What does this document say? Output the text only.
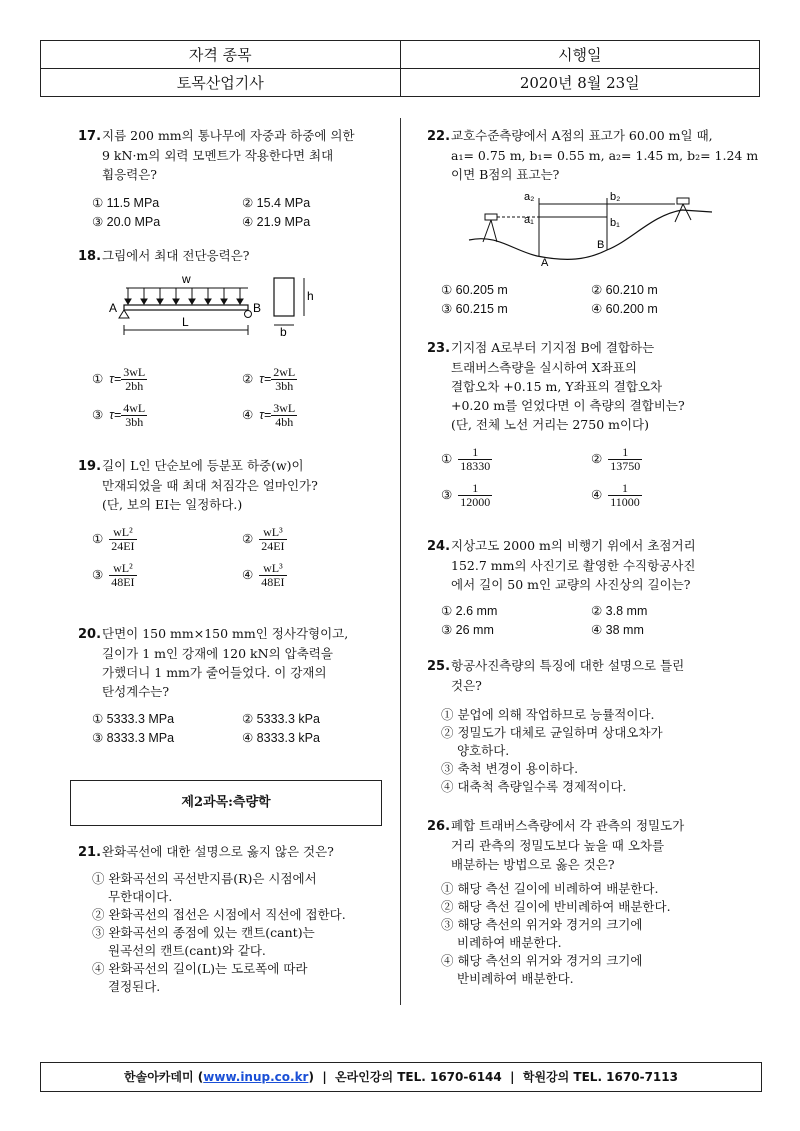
자격 종목	시행일
토목산업기사	2020년 8월 23일
17.지름 200 mm의 통나무에 자중과 하중에 의한
9 kN·m의 외력 모멘트가 작용한다면 최대
휨응력은?
① 11.5 MPa	② 15.4 MPa
③ 20.0 MPa	④ 21.9 MPa
18.그림에서 최대 전단응력은?
w
A	B
L
h
b
① $\tau= \frac{3wL}{2bh}$	② $\tau= \frac{2wL}{3bh}$
③ $\tau= \frac{4wL}{3bh}$	④ $\tau= \frac{3wL}{4bh}$
19.길이 L인 단순보에 등분포 하중(w)이
만재되었을 때 최대 처짐각은 얼마인가?
(단, 보의 EI는 일정하다.)
① $\frac{\text{wL²}}{24EI}$	② $\frac{\text{wL³}}{24EI}$
③ $\frac{\text{wL²}}{48EI}$	④ $\frac{\text{wL³}}{48EI}$
20.단면이 150 mm×150 mm인 정사각형이고,
길이가 1 m인 강재에 120 kN의 압축력을
가했더니 1 mm가 줄어들었다. 이 강재의
탄성계수는?
① 5333.3 MPa	② 5333.3 kPa
③ 8333.3 MPa	④ 8333.3 kPa
21.완화곡선에 대한 설명으로 옳지 않은 것은?
① 완화곡선의 곡선반지름(R)은 시점에서
무한대이다.
② 완화곡선의 접선은 시점에서 직선에 접한다.
③ 완화곡선의 종점에 있는 캔트(cant)는
원곡선의 캔트(cant)와 같다.
④ 완화곡선의 길이(L)는 도로폭에 따라
결정된다.
제2과목:측량학
22.교호수준측량에서 A점의 표고가 60.00 m일 때,
a₁= 0.75 m, b₁= 0.55 m, a₂= 1.45 m, b₂= 1.24 m
이면 B점의 표고는?
a₂	b₂
a₁	b₁
A
B
① 60.205 m	② 60.210 m
③ 60.215 m	④ 60.200 m
23.기지점 A로부터 기지점 B에 결합하는
트래버스측량을 실시하여 X좌표의
결합오차 +0.15 m, Y좌표의 결합오차
+0.20 m를 얻었다면 이 측량의 결합비는?
(단, 전체 노선 거리는 2750 m이다)
① $\frac{1}{18330}$	② $\frac{1}{13750}$
③ $\frac{1}{12000}$	④ $\frac{1}{11000}$
24.지상고도 2000 m의 비행기 위에서 초점거리
152.7 mm의 사진기로 촬영한 수직항공사진
에서 길이 50 m인 교량의 사진상의 길이는?
① 2.6 mm	② 3.8 mm
③ 26 mm	④ 38 mm
25.항공사진측량의 특징에 대한 설명으로 틀린
것은?
① 분업에 의해 작업하므로 능률적이다.
② 정밀도가 대체로 균일하며 상대오차가
양호하다.
③ 축척 변경이 용이하다.
④ 대축척 측량일수록 경제적이다.
26.폐합 트래버스측량에서 각 관측의 정밀도가
거리 관측의 정밀도보다 높을 때 오차를
배분하는 방법으로 옳은 것은?
① 해당 측선 길이에 비례하여 배분한다.
② 해당 측선 길이에 반비례하여 배분한다.
③ 해당 측선의 위거와 경거의 크기에
비례하여 배분한다.
④ 해당 측선의 위거와 경거의 크기에
반비례하여 배분한다.
한솔아카데미 (www.inup.co.kr)  | 온라인강의 TEL. 1670-6144 | 학원강의 TEL. 1670-7113
